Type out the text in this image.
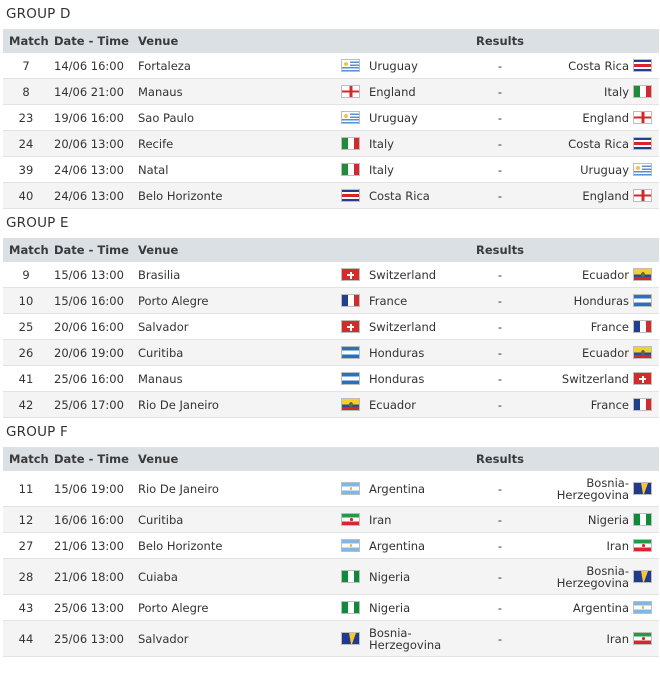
GROUP D
Match Date - Time Venue	Results
7	14/06 16:00 Fortaleza	Uruguay	-	Costa Rica
8	14/06 21:00 Manaus	England	-	Italy
23	19/06 16:00 Sao Paulo	Uruguay	-	England
24	20/06 13:00 Recife	Italy	-	Costa Rica
39	24/06 13:00 Natal	Italy	-	Uruguay
40	24/06 13:00 Belo Horizonte	Costa Rica	-	England
GROUP E
Match Date - Time Venue	Results
9	15/06 13:00 Brasilia	Switzerland	-	Ecuador
10	15/06 16:00 Porto Alegre	France	-	Honduras
25	20/06 16:00 Salvador	Switzerland	-	France
26	20/06 19:00 Curitiba	Honduras	-	Ecuador
41	25/06 16:00 Manaus	Honduras	-	Switzerland
42	25/06 17:00 Rio De Janeiro	Ecuador	-	France
GROUP F
Match Date - Time Venue	Results
11	15/06 19:00 Rio De Janeiro	Argentina	-	Bosnia-
Herzegovina
12	16/06 16:00 Curitiba	Iran	-	Nigeria
27	21/06 13:00 Belo Horizonte	Argentina	-	Iran
28	21/06 18:00 Cuiaba	Nigeria	-	Bosnia-
Herzegovina
43	25/06 13:00 Porto Alegre	Nigeria	-	Argentina
44	25/06 13:00 Salvador	Bosnia-
Herzegovina	-	Iran
